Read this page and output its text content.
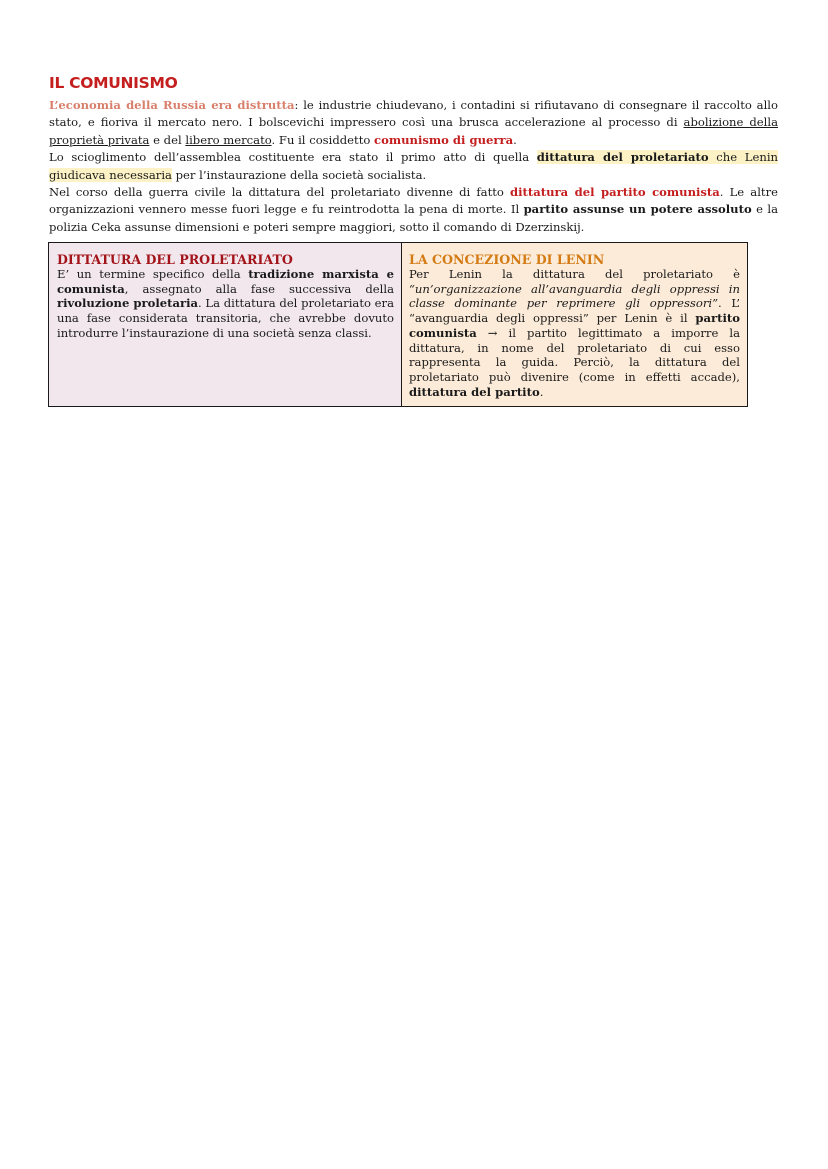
IL COMUNISMO

L’economia della Russia era distrutta: le industrie chiudevano, i contadini si rifiutavano di consegnare il raccolto allo stato, e fioriva il mercato nero. I bolscevichi impressero così una brusca accelerazione al processo di abolizione della proprietà privata e del libero mercato. Fu il cosiddetto comunismo di guerra.

Lo scioglimento dell’assemblea costituente era stato il primo atto di quella dittatura del proletariato che Lenin giudicava necessaria per l’instaurazione della società socialista.

Nel corso della guerra civile la dittatura del proletariato divenne di fatto dittatura del partito comunista. Le altre organizzazioni vennero messe fuori legge e fu reintrodotta la pena di morte. Il partito assunse un potere assoluto e la polizia Ceka assunse dimensioni e poteri sempre maggiori, sotto il comando di Dzerzinskij.

DITTATURA DEL PROLETARIATO
E’ un termine specifico della tradizione marxista e comunista, assegnato alla fase successiva della rivoluzione proletaria. La dittatura del proletariato era una fase considerata transitoria, che avrebbe dovuto introdurre l’instaurazione di una società senza classi.
LA CONCEZIONE DI LENIN
Per Lenin la dittatura del proletariato è “un’organizzazione all’avanguardia degli oppressi in classe dominante per reprimere gli oppressori”. L’ “avanguardia degli oppressi” per Lenin è il partito comunista → il partito legittimato a imporre la dittatura, in nome del proletariato di cui esso rappresenta la guida. Perciò, la dittatura del proletariato può divenire (come in effetti accade), dittatura del partito.
